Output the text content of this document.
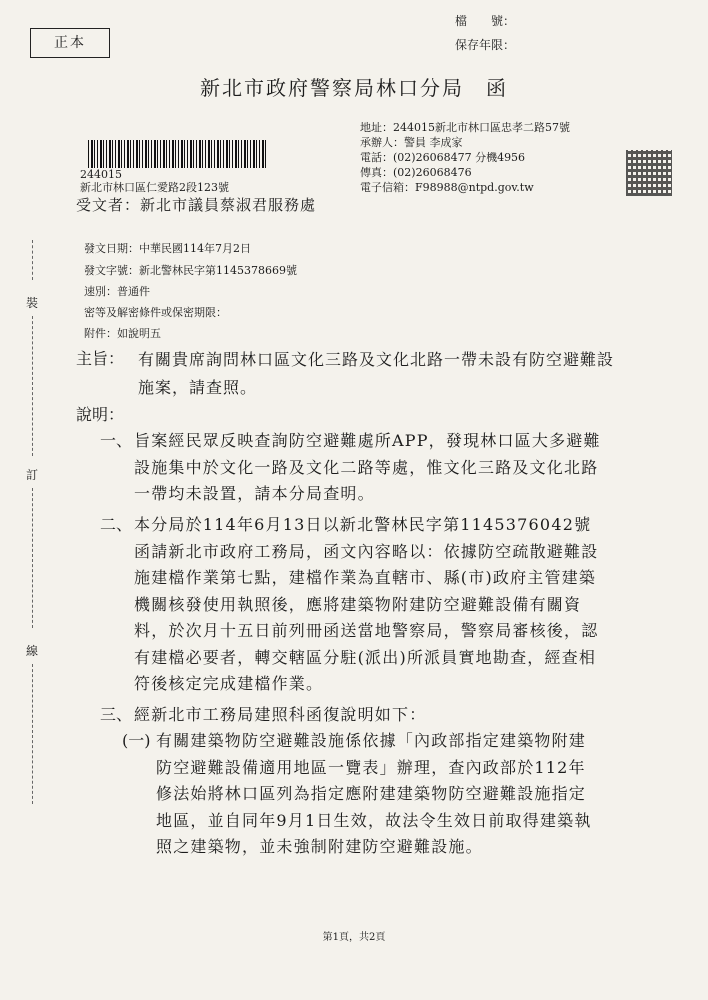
正本
檔　　號：
保存年限：
新北市政府警察局林口分局　函
地址：244015新北市林口區忠孝二路57號
承辦人：警員 李成家
電話：(02)26068477 分機4956
傳真：(02)26068476
電子信箱：F98988@ntpd.gov.tw
244015
新北市林口區仁愛路2段123號
受文者：新北市議員蔡淑君服務處
發文日期：中華民國114年7月2日
發文字號：新北警林民字第1145378669號
速別：普通件
密等及解密條件或保密期限：
附件：如說明五
主旨： 有關貴席詢問林口區文化三路及文化北路一帶未設有防空避難設施案，請查照。
說明：
一、 旨案經民眾反映查詢防空避難處所APP，發現林口區大多避難設施集中於文化一路及文化二路等處，惟文化三路及文化北路一帶均未設置，請本分局查明。
二、 本分局於114年6月13日以新北警林民字第1145376042號函請新北市政府工務局，函文內容略以：依據防空疏散避難設施建檔作業第七點，建檔作業為直轄市、縣(市)政府主管建築機關核發使用執照後，應將建築物附建防空避難設備有關資料，於次月十五日前列冊函送當地警察局，警察局審核後，認有建檔必要者，轉交轄區分駐(派出)所派員實地勘查，經查相符後核定完成建檔作業。
三、 經新北市工務局建照科函復說明如下：
(一) 有關建築物防空避難設施係依據「內政部指定建築物附建防空避難設備適用地區一覽表」辦理，查內政部於112年修法始將林口區列為指定應附建建築物防空避難設施指定地區，並自同年9月1日生效，故法令生效日前取得建築執照之建築物，並未強制附建防空避難設施。
裝
訂
線
第1頁，共2頁
